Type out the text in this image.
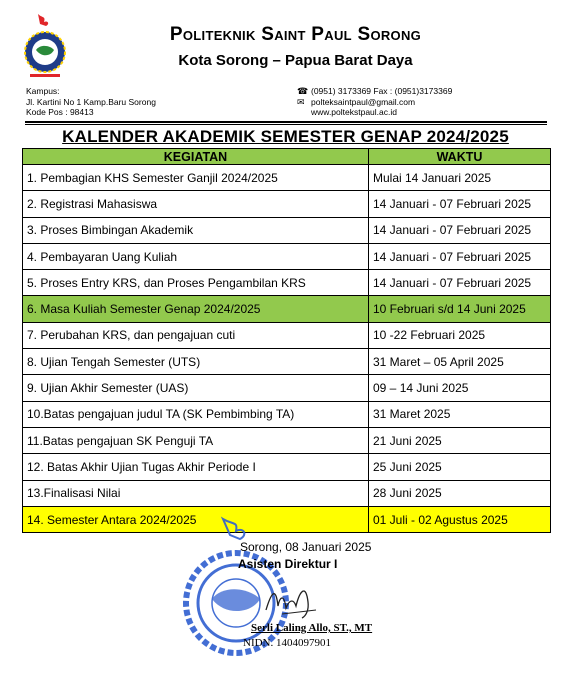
Politeknik Saint Paul Sorong
Kota Sorong – Papua Barat Daya
Kampus:
Jl. Kartini No 1 Kamp.Baru Sorong
Kode Pos : 98413
☎ (0951) 3173369 Fax : (0951)3173369
✉ polteksaintpaul@gmail.com
www.poltekstpaul.ac.id
KALENDER AKADEMIK SEMESTER GENAP 2024/2025
KEGIATAN	WAKTU
1. Pembagian KHS Semester Ganjil 2024/2025	Mulai 14 Januari 2025
2. Registrasi Mahasiswa	14 Januari - 07 Februari 2025
3. Proses Bimbingan Akademik	14 Januari - 07 Februari 2025
4. Pembayaran Uang Kuliah	14 Januari - 07 Februari 2025
5. Proses Entry KRS, dan Proses Pengambilan KRS	14 Januari - 07 Februari 2025
6. Masa Kuliah Semester Genap 2024/2025	10 Februari s/d 14 Juni 2025
7. Perubahan KRS, dan pengajuan cuti	10 -22 Februari 2025
8. Ujian Tengah Semester (UTS)	31 Maret – 05 April 2025
9. Ujian Akhir Semester (UAS)	09 – 14 Juni 2025
10.Batas pengajuan judul TA (SK Pembimbing TA)	31 Maret 2025
11.Batas pengajuan SK Penguji TA	21 Juni 2025
12. Batas Akhir Ujian Tugas Akhir Periode I	25 Juni 2025
13.Finalisasi Nilai	28 Juni 2025
14. Semester Antara 2024/2025	01 Juli - 02 Agustus 2025
Sorong, 08 Januari 2025
Asisten Direktur I
Serli Laling Allo, ST., MT
NIDN. 1404097901
